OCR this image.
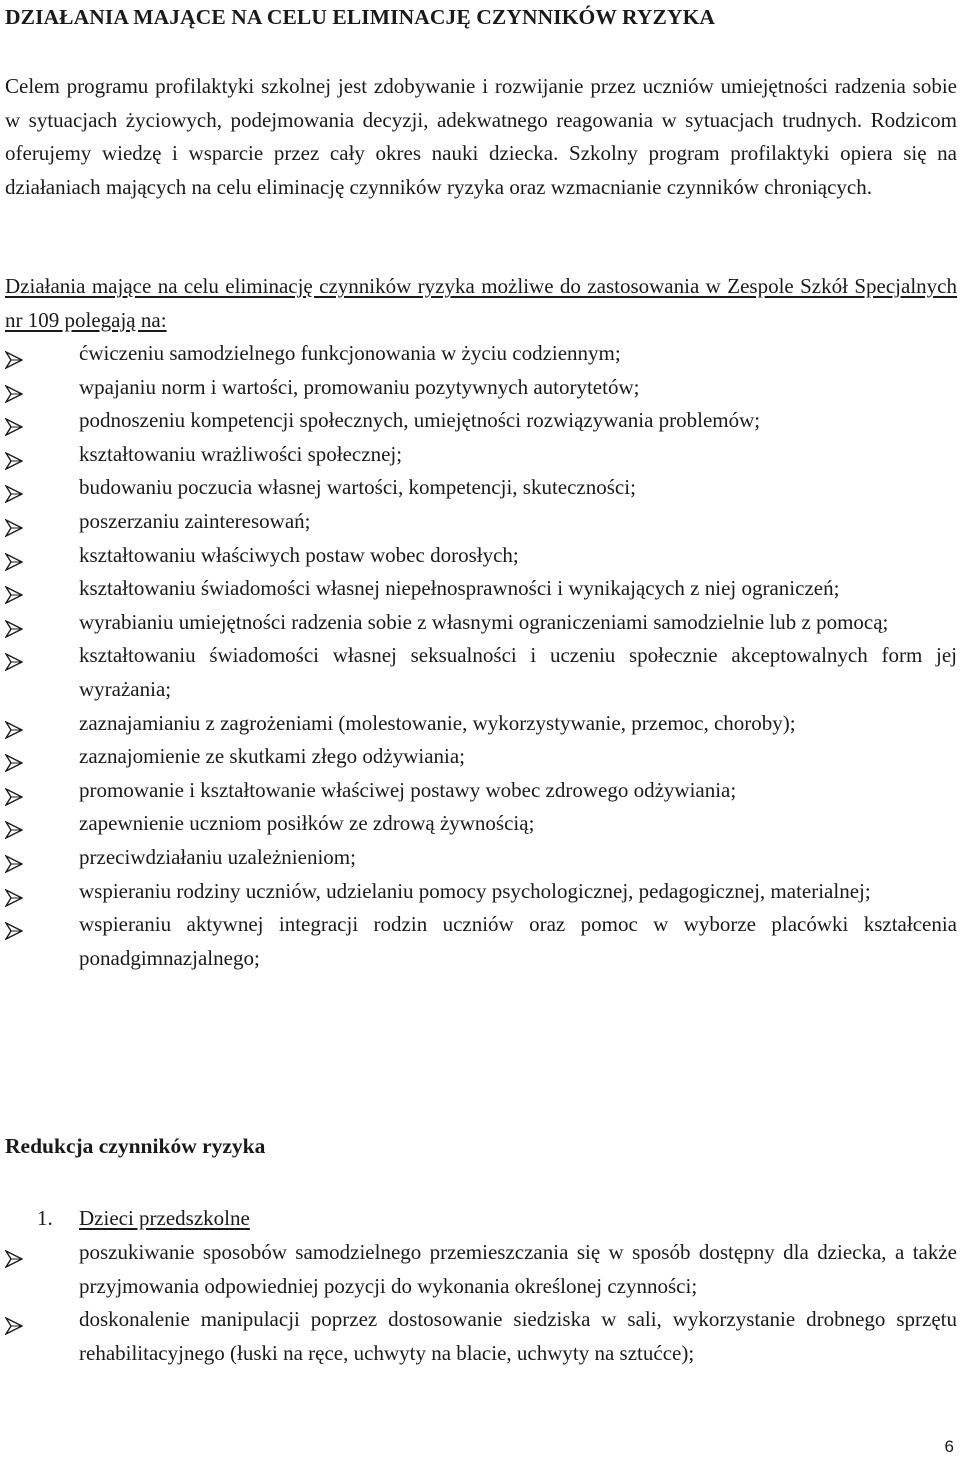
DZIAŁANIA MAJĄCE NA CELU ELIMINACJĘ CZYNNIKÓW RYZYKA
Celem programu profilaktyki szkolnej jest zdobywanie i rozwijanie przez uczniów umiejętności radzenia sobie w sytuacjach życiowych, podejmowania decyzji, adekwatnego reagowania w sytuacjach trudnych. Rodzicom oferujemy wiedzę i wsparcie przez cały okres nauki dziecka. Szkolny program profilaktyki opiera się na działaniach mających na celu eliminację czynników ryzyka oraz wzmacnianie czynników chroniących.
Działania mające na celu eliminację czynników ryzyka możliwe do zastosowania w Zespole Szkół Specjalnych nr 109 polegają na:
ćwiczeniu samodzielnego funkcjonowania w życiu codziennym;
wpajaniu norm i wartości, promowaniu pozytywnych autorytetów;
podnoszeniu kompetencji społecznych, umiejętności rozwiązywania problemów;
kształtowaniu wrażliwości społecznej;
budowaniu poczucia własnej wartości, kompetencji, skuteczności;
poszerzaniu zainteresowań;
kształtowaniu właściwych postaw wobec dorosłych;
kształtowaniu świadomości własnej niepełnosprawności i wynikających z niej ograniczeń;
wyrabianiu umiejętności radzenia sobie z własnymi ograniczeniami samodzielnie lub z pomocą;
kształtowaniu świadomości własnej seksualności i uczeniu społecznie akceptowalnych form jej wyrażania;
zaznajamianiu z zagrożeniami (molestowanie, wykorzystywanie, przemoc, choroby);
zaznajomienie ze skutkami złego odżywiania;
promowanie i kształtowanie właściwej postawy wobec zdrowego odżywiania;
zapewnienie uczniom posiłków ze zdrową żywnością;
przeciwdziałaniu uzależnieniom;
wspieraniu rodziny uczniów, udzielaniu pomocy psychologicznej, pedagogicznej, materialnej;
wspieraniu aktywnej integracji rodzin uczniów oraz pomoc w wyborze placówki kształcenia ponadgimnazjalnego;
Redukcja czynników ryzyka
1. Dzieci przedszkolne
poszukiwanie sposobów samodzielnego przemieszczania się w sposób dostępny dla dziecka, a także przyjmowania odpowiedniej pozycji do wykonania określonej czynności;
doskonalenie manipulacji poprzez dostosowanie siedziska w sali, wykorzystanie drobnego sprzętu rehabilitacyjnego (łuski na ręce, uchwyty na blacie, uchwyty na sztućce);
6
